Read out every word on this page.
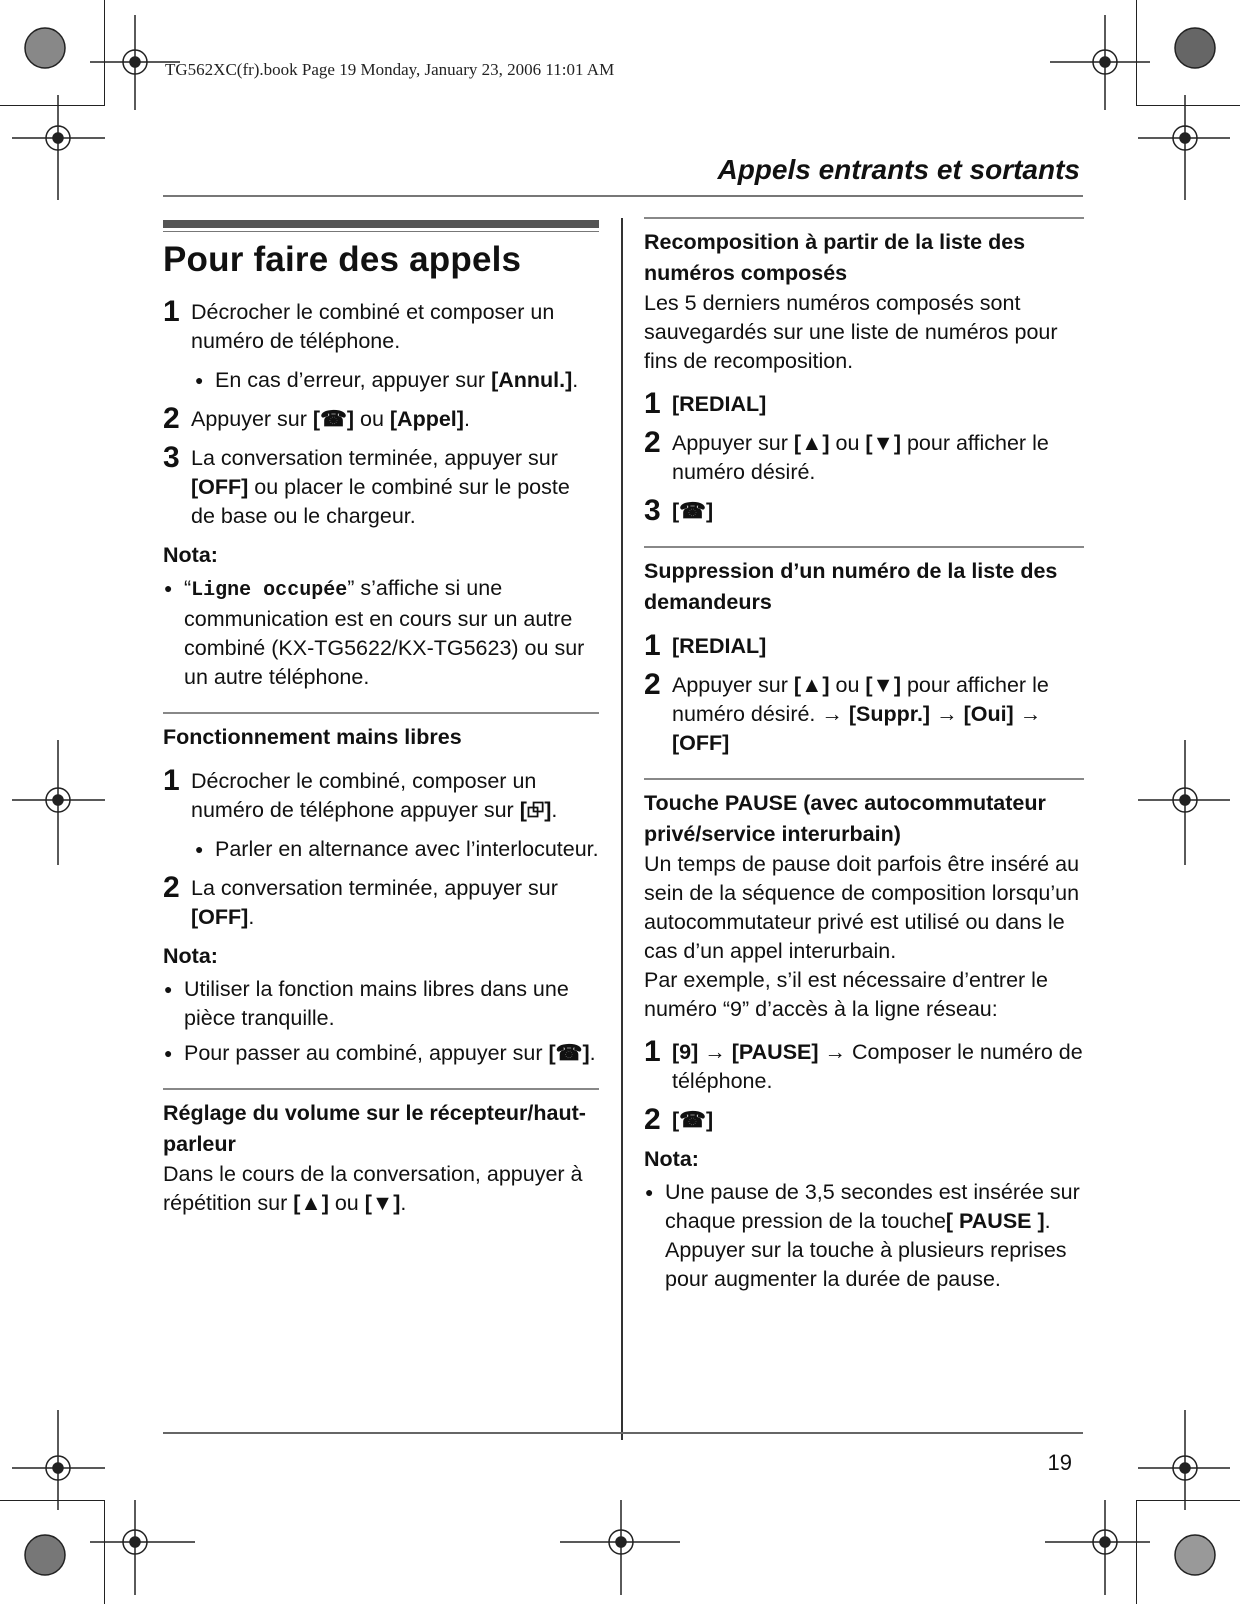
TG562XC(fr).book Page 19 Monday, January 23, 2006 11:01 AM
Appels entrants et sortants
Pour faire des appels
1 Décrocher le combiné et composer un numéro de téléphone.
● En cas d’erreur, appuyer sur [Annul.].
2 Appuyer sur [☎] ou [Appel].
3 La conversation terminée, appuyer sur [OFF] ou placer le combiné sur le poste de base ou le chargeur.
Nota:
● “Ligne occupée” s’affiche si une communication est en cours sur un autre combiné (KX-TG5622/KX-TG5623) ou sur un autre téléphone.
Fonctionnement mains libres
1 Décrocher le combiné, composer un numéro de téléphone appuyer sur [⮺].
● Parler en alternance avec l’interlocuteur.
2 La conversation terminée, appuyer sur [OFF].
Nota:
● Utiliser la fonction mains libres dans une pièce tranquille.
● Pour passer au combiné, appuyer sur [☎].
Réglage du volume sur le récepteur/haut-parleur
Dans le cours de la conversation, appuyer à répétition sur [▲] ou [▼].
Recomposition à partir de la liste des numéros composés
Les 5 derniers numéros composés sont sauvegardés sur une liste de numéros pour fins de recomposition.
1 [REDIAL]
2 Appuyer sur [▲] ou [▼] pour afficher le numéro désiré.
3 [☎]
Suppression d’un numéro de la liste des demandeurs
1 [REDIAL]
2 Appuyer sur [▲] ou [▼] pour afficher le numéro désiré. → [Suppr.] → [Oui] → [OFF]
Touche PAUSE (avec autocommutateur privé/service interurbain)
Un temps de pause doit parfois être inséré au sein de la séquence de composition lorsqu’un autocommutateur privé est utilisé ou dans le cas d’un appel interurbain.
Par exemple, s’il est nécessaire d’entrer le numéro “9” d’accès à la ligne réseau:
1 [9] → [PAUSE] → Composer le numéro de téléphone.
2 [☎]
Nota:
● Une pause de 3,5 secondes est insérée sur chaque pression de la touche[ PAUSE ]. Appuyer sur la touche à plusieurs reprises pour augmenter la durée de pause.
19
